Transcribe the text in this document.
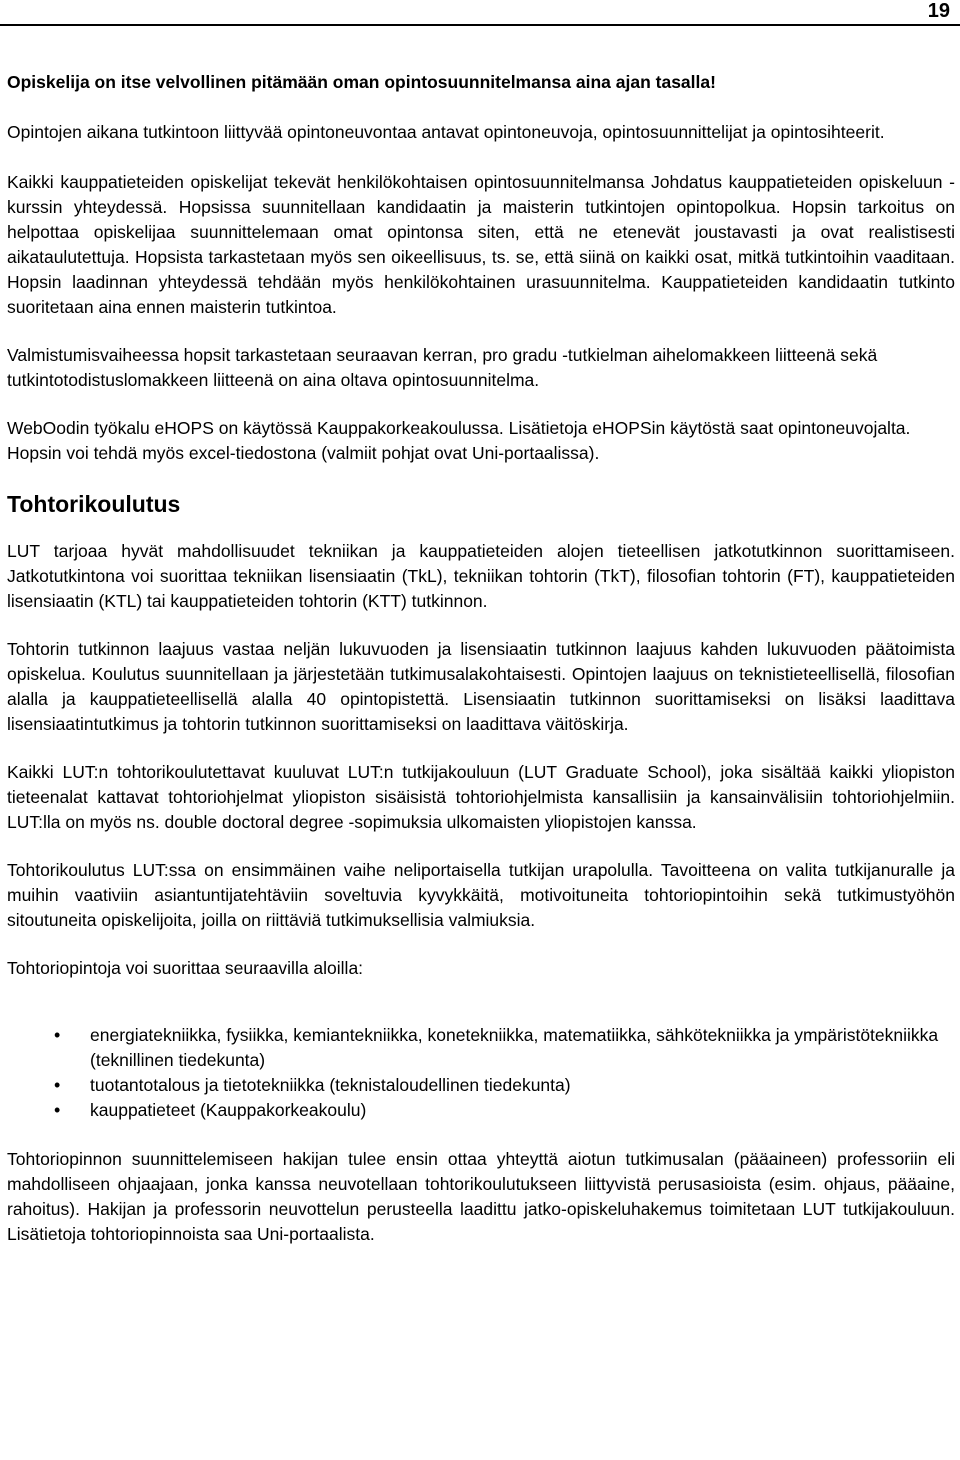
19

Opiskelija on itse velvollinen pitämään oman opintosuunnitelmansa aina ajan tasalla!

Opintojen aikana tutkintoon liittyvää opintoneuvontaa antavat opintoneuvoja, opintosuunnittelijat ja opintosihteerit.

Kaikki kauppatieteiden opiskelijat tekevät henkilökohtaisen opintosuunnitelmansa Johdatus kauppatieteiden opiskeluun -kurssin yhteydessä. Hopsissa suunnitellaan kandidaatin ja maisterin tutkintojen opintopolkua. Hopsin tarkoitus on helpottaa opiskelijaa suunnittelemaan omat opintonsa siten, että ne etenevät joustavasti ja ovat realistisesti aikataulutettuja. Hopsista tarkastetaan myös sen oikeellisuus, ts. se, että siinä on kaikki osat, mitkä tutkintoihin vaaditaan. Hopsin laadinnan yhteydessä tehdään myös henkilökohtainen urasuunnitelma. Kauppatieteiden kandidaatin tutkinto suoritetaan aina ennen maisterin tutkintoa.

Valmistumisvaiheessa hopsit tarkastetaan seuraavan kerran, pro gradu -tutkielman aihelomakkeen liitteenä sekä tutkintotodistuslomakkeen liitteenä on aina oltava opintosuunnitelma.

WebOodin työkalu eHOPS on käytössä Kauppakorkeakoulussa. Lisätietoja eHOPSin käytöstä saat opintoneuvojalta. Hopsin voi tehdä myös excel-tiedostona (valmiit pohjat ovat Uni-portaalissa).

Tohtorikoulutus

LUT tarjoaa hyvät mahdollisuudet tekniikan ja kauppatieteiden alojen tieteellisen jatkotutkinnon suorittamiseen. Jatkotutkintona voi suorittaa tekniikan lisensiaatin (TkL), tekniikan tohtorin (TkT), filosofian tohtorin (FT), kauppatieteiden lisensiaatin (KTL) tai kauppatieteiden tohtorin (KTT) tutkinnon.

Tohtorin tutkinnon laajuus vastaa neljän lukuvuoden ja lisensiaatin tutkinnon laajuus kahden lukuvuoden päätoimista opiskelua. Koulutus suunnitellaan ja järjestetään tutkimusalakohtaisesti. Opintojen laajuus on teknistieteellisellä, filosofian alalla ja kauppatieteellisellä alalla 40 opintopistettä. Lisensiaatin tutkinnon suorittamiseksi on lisäksi laadittava lisensiaatintutkimus ja tohtorin tutkinnon suorittamiseksi on laadittava väitöskirja.

Kaikki LUT:n tohtorikoulutettavat kuuluvat LUT:n tutkijakouluun (LUT Graduate School), joka sisältää kaikki yliopiston tieteenalat kattavat tohtoriohjelmat yliopiston sisäisistä tohtoriohjelmista kansallisiin ja kansainvälisiin tohtoriohjelmiin. LUT:lla on myös ns. double doctoral degree -sopimuksia ulkomaisten yliopistojen kanssa.

Tohtorikoulutus LUT:ssa on ensimmäinen vaihe neliportaisella tutkijan urapolulla. Tavoitteena on valita tutkijanuralle ja muihin vaativiin asiantuntijatehtäviin soveltuvia kyvykkäitä, motivoituneita tohtoriopintoihin sekä tutkimustyöhön sitoutuneita opiskelijoita, joilla on riittäviä tutkimuksellisia valmiuksia.

Tohtoriopintoja voi suorittaa seuraavilla aloilla:

• energiatekniikka, fysiikka, kemiantekniikka, konetekniikka, matematiikka, sähkötekniikka ja ympäristötekniikka (teknillinen tiedekunta)
• tuotantotalous ja tietotekniikka (teknistaloudellinen tiedekunta)
• kauppatieteet (Kauppakorkeakoulu)

Tohtoriopinnon suunnittelemiseen hakijan tulee ensin ottaa yhteyttä aiotun tutkimusalan (pääaineen) professoriin eli mahdolliseen ohjaajaan, jonka kanssa neuvotellaan tohtorikoulutukseen liittyvistä perusasioista (esim. ohjaus, pääaine, rahoitus). Hakijan ja professorin neuvottelun perusteella laadittu jatko-opiskeluhakemus toimitetaan LUT tutkijakouluun. Lisätietoja tohtoriopinnoista saa Uni-portaalista.
